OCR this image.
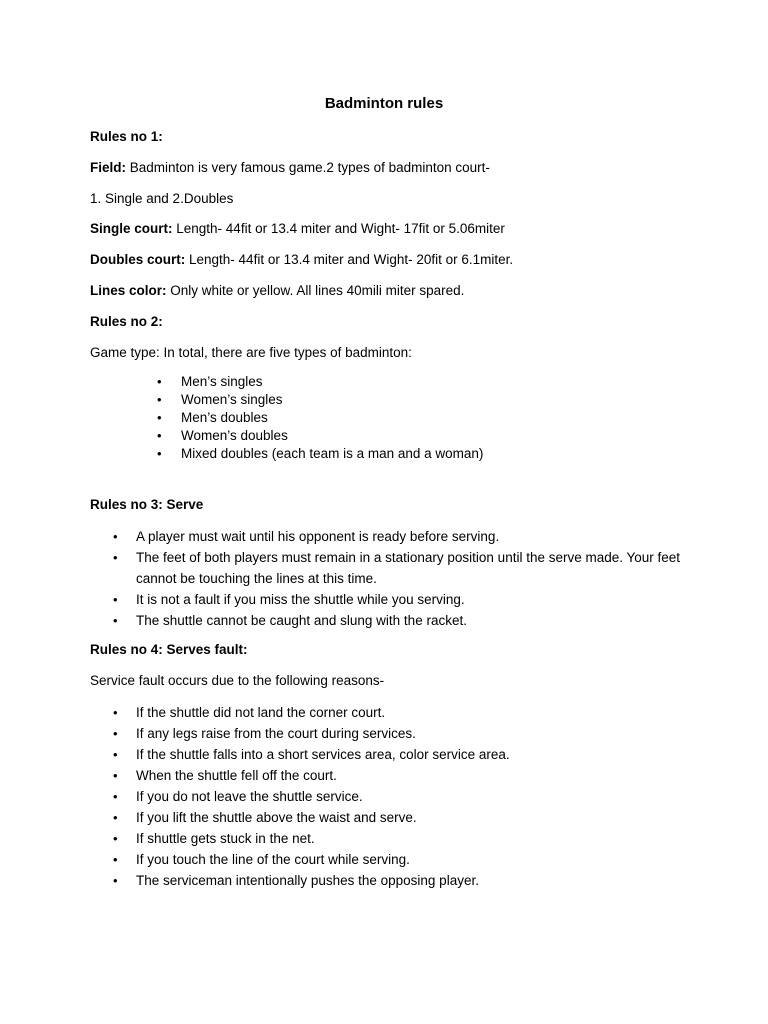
Badminton rules
Rules no 1:
Field: Badminton is very famous game.2 types of badminton court-
1. Single and 2.Doubles
Single court: Length- 44fit or 13.4 miter and Wight- 17fit or 5.06miter
Doubles court: Length- 44fit or 13.4 miter and Wight- 20fit or 6.1miter.
Lines color: Only white or yellow. All lines 40mili miter spared.
Rules no 2:
Game type: In total, there are five types of badminton:
• Men’s singles
• Women’s singles
• Men’s doubles
• Women’s doubles
• Mixed doubles (each team is a man and a woman)
Rules no 3: Serve
• A player must wait until his opponent is ready before serving.
• The feet of both players must remain in a stationary position until the serve made. Your feet cannot be touching the lines at this time.
• It is not a fault if you miss the shuttle while you serving.
• The shuttle cannot be caught and slung with the racket.
Rules no 4: Serves fault:
Service fault occurs due to the following reasons-
• If the shuttle did not land the corner court.
• If any legs raise from the court during services.
• If the shuttle falls into a short services area, color service area.
• When the shuttle fell off the court.
• If you do not leave the shuttle service.
• If you lift the shuttle above the waist and serve.
• If shuttle gets stuck in the net.
• If you touch the line of the court while serving.
• The serviceman intentionally pushes the opposing player.
